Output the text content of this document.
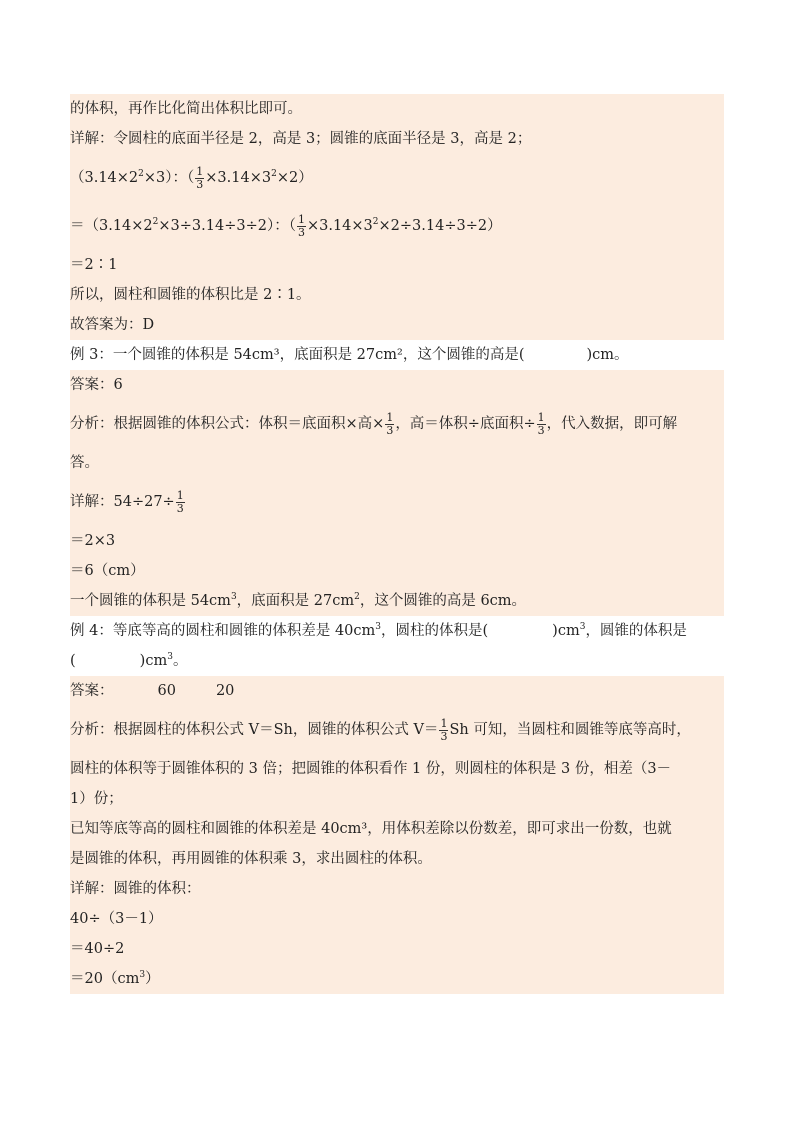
的体积，再作比化简出体积比即可。
详解：令圆柱的底面半径是 2，高是 3；圆锥的底面半径是 3，高是 2；
$(3.14\times 2^2\times 3)$：（ $\frac{1}{3} \times 3.14\times 3^2\times 2$）
$=(3.14\times 2^2\times 3\div 3.14\div 3\div 2)$：（ $\frac{1}{3} \times 3.14\times 3^2\times 2\div 3.14\div 3\div 2$）
＝2∶1
所以，圆柱和圆锥的体积比是 2∶1。
故答案为：D
例 3：一个圆锥的体积是 54cm³，底面积是 27cm²，这个圆锥的高是(	)cm。
答案：6
分析：根据圆锥的体积公式：体积＝底面积×高× $\frac{1}{3}$ ，高＝体积÷底面积÷ $\frac{1}{3}$ ，代入数据，即可解
答。
详解：$54\div 27\div \frac{1}{3}$
＝2×3
＝6（cm）
一个圆锥的体积是 $54cm^3$，底面积是 $27cm^2$，这个圆锥的高是 6cm。
例 4：等底等高的圆柱和圆锥的体积差是 $40cm^3$，圆柱的体积是(	)$cm^3$，圆锥的体积是
(	)$cm^3$。
答案：	60	20
分析：根据圆柱的体积公式 V＝Sh，圆锥的体积公式 $V= \frac{1}{3}$ Sh 可知，当圆柱和圆锥等底等高时，
圆柱的体积等于圆锥体积的 3 倍；把圆锥的体积看作 1 份，则圆柱的体积是 3 份，相差（3－
1）份；
已知等底等高的圆柱和圆锥的体积差是 40cm³，用体积差除以份数差，即可求出一份数，也就
是圆锥的体积，再用圆锥的体积乘 3，求出圆柱的体积。
详解：圆锥的体积：
40÷（3－1）
＝40÷2
$=20(cm^3)$
